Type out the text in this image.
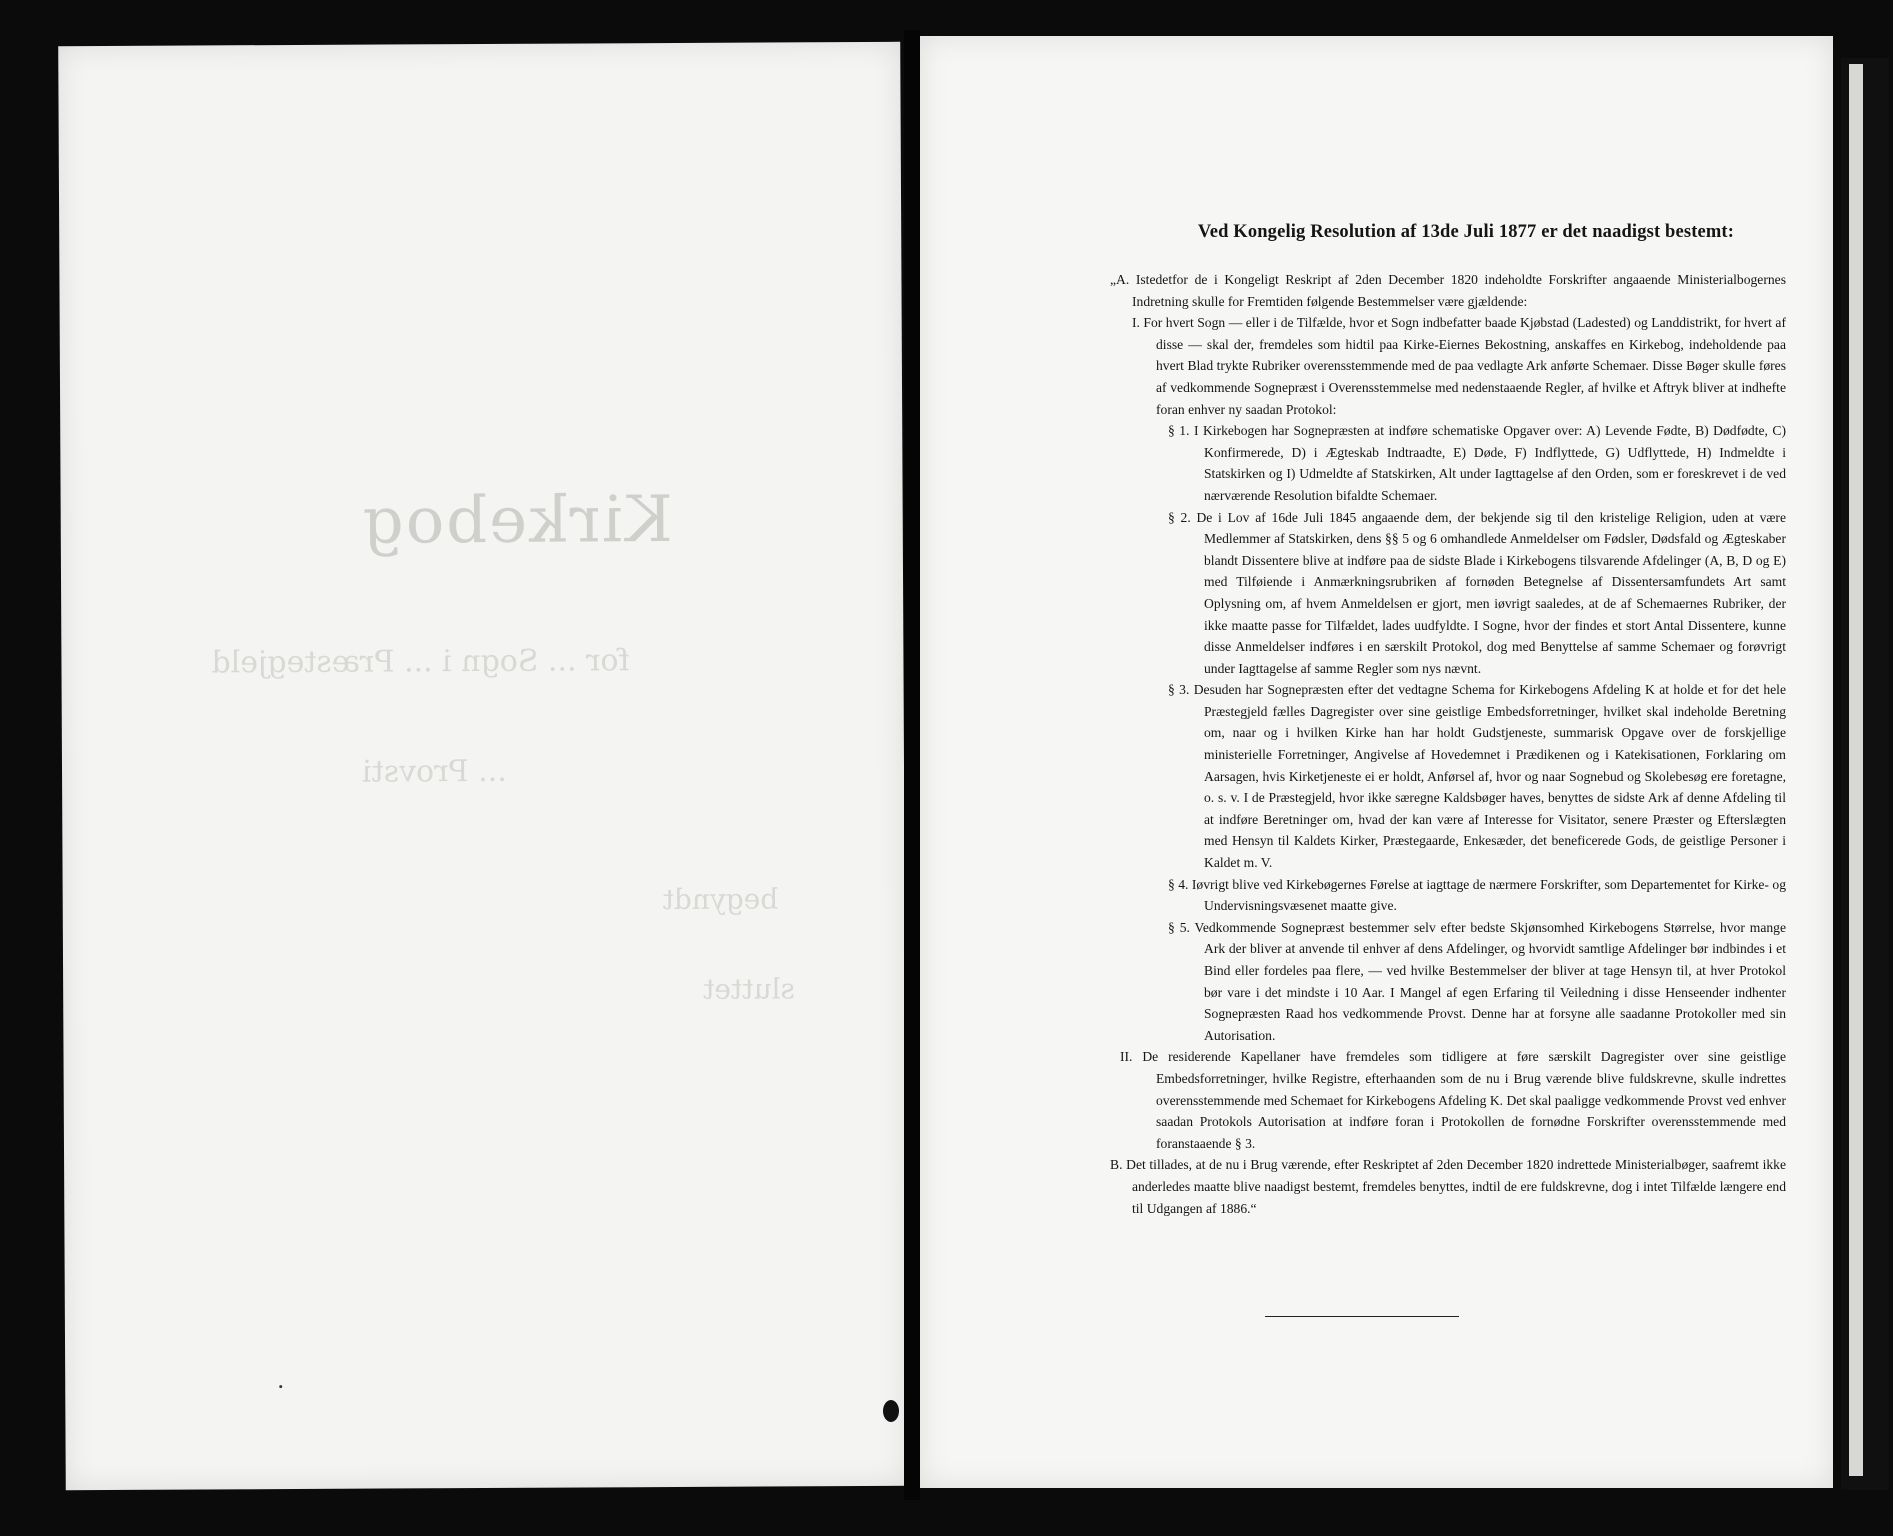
Kirkebog
for ... Sogn i ... Præstegjeld
... Provsti
begyndt
sluttet
Ved Kongelig Resolution af 13de Juli 1877 er det naadigst bestemt:

„A. Istedetfor de i Kongeligt Reskript af 2den December 1820 indeholdte Forskrifter angaaende Ministerialbogernes Indretning skulle for Fremtiden følgende Bestemmelser være gjældende:

I. For hvert Sogn — eller i de Tilfælde, hvor et Sogn indbefatter baade Kjøbstad (Ladested) og Landdistrikt, for hvert af disse — skal der, fremdeles som hidtil paa Kirke-Eiernes Bekostning, anskaffes en Kirkebog, indeholdende paa hvert Blad trykte Rubriker overensstemmende med de paa vedlagte Ark anførte Schemaer. Disse Bøger skulle føres af vedkommende Sognepræst i Overensstemmelse med nedenstaaende Regler, af hvilke et Aftryk bliver at indhefte foran enhver ny saadan Protokol:

§ 1. I Kirkebogen har Sognepræsten at indføre schematiske Opgaver over: A) Levende Fødte, B) Dødfødte, C) Konfirmerede, D) i Ægteskab Indtraadte, E) Døde, F) Indflyttede, G) Udflyttede, H) Indmeldte i Statskirken og I) Udmeldte af Statskirken, Alt under Iagttagelse af den Orden, som er foreskrevet i de ved nærværende Resolution bifaldte Schemaer.

§ 2. De i Lov af 16de Juli 1845 angaaende dem, der bekjende sig til den kristelige Religion, uden at være Medlemmer af Statskirken, dens §§ 5 og 6 omhandlede Anmeldelser om Fødsler, Dødsfald og Ægteskaber blandt Dissentere blive at indføre paa de sidste Blade i Kirkebogens tilsvarende Afdelinger (A, B, D og E) med Tilføiende i Anmærkningsrubriken af fornøden Betegnelse af Dissentersamfundets Art samt Oplysning om, af hvem Anmeldelsen er gjort, men iøvrigt saaledes, at de af Schemaernes Rubriker, der ikke maatte passe for Tilfældet, lades uudfyldte. I Sogne, hvor der findes et stort Antal Dissentere, kunne disse Anmeldelser indføres i en særskilt Protokol, dog med Benyttelse af samme Schemaer og forøvrigt under Iagttagelse af samme Regler som nys nævnt.

§ 3. Desuden har Sognepræsten efter det vedtagne Schema for Kirkebogens Afdeling K at holde et for det hele Præstegjeld fælles Dagregister over sine geistlige Embedsforretninger, hvilket skal indeholde Beretning om, naar og i hvilken Kirke han har holdt Gudstjeneste, summarisk Opgave over de forskjellige ministerielle Forretninger, Angivelse af Hovedemnet i Prædikenen og i Katekisationen, Forklaring om Aarsagen, hvis Kirketjeneste ei er holdt, Anførsel af, hvor og naar Sognebud og Skolebesøg ere foretagne, o. s. v. I de Præstegjeld, hvor ikke særegne Kaldsbøger haves, benyttes de sidste Ark af denne Afdeling til at indføre Beretninger om, hvad der kan være af Interesse for Visitator, senere Præster og Efterslægten med Hensyn til Kaldets Kirker, Præstegaarde, Enkesæder, det beneficerede Gods, de geistlige Personer i Kaldet m. V.

§ 4. Iøvrigt blive ved Kirkebøgernes Førelse at iagttage de nærmere Forskrifter, som Departementet for Kirke- og Undervisningsvæsenet maatte give.

§ 5. Vedkommende Sognepræst bestemmer selv efter bedste Skjønsomhed Kirkebogens Størrelse, hvor mange Ark der bliver at anvende til enhver af dens Afdelinger, og hvorvidt samtlige Afdelinger bør indbindes i et Bind eller fordeles paa flere, — ved hvilke Bestemmelser der bliver at tage Hensyn til, at hver Protokol bør vare i det mindste i 10 Aar. I Mangel af egen Erfaring til Veiledning i disse Henseender indhenter Sognepræsten Raad hos vedkommende Provst. Denne har at forsyne alle saadanne Protokoller med sin Autorisation.

II. De residerende Kapellaner have fremdeles som tidligere at føre særskilt Dagregister over sine geistlige Embedsforretninger, hvilke Registre, efterhaanden som de nu i Brug værende blive fuldskrevne, skulle indrettes overensstemmende med Schemaet for Kirkebogens Afdeling K. Det skal paaligge vedkommende Provst ved enhver saadan Protokols Autorisation at indføre foran i Protokollen de fornødne Forskrifter overensstemmende med foranstaaende § 3.

B. Det tillades, at de nu i Brug værende, efter Reskriptet af 2den December 1820 indrettede Ministerialbøger, saafremt ikke anderledes maatte blive naadigst bestemt, fremdeles benyttes, indtil de ere fuldskrevne, dog i intet Tilfælde længere end til Udgangen af 1886.“
